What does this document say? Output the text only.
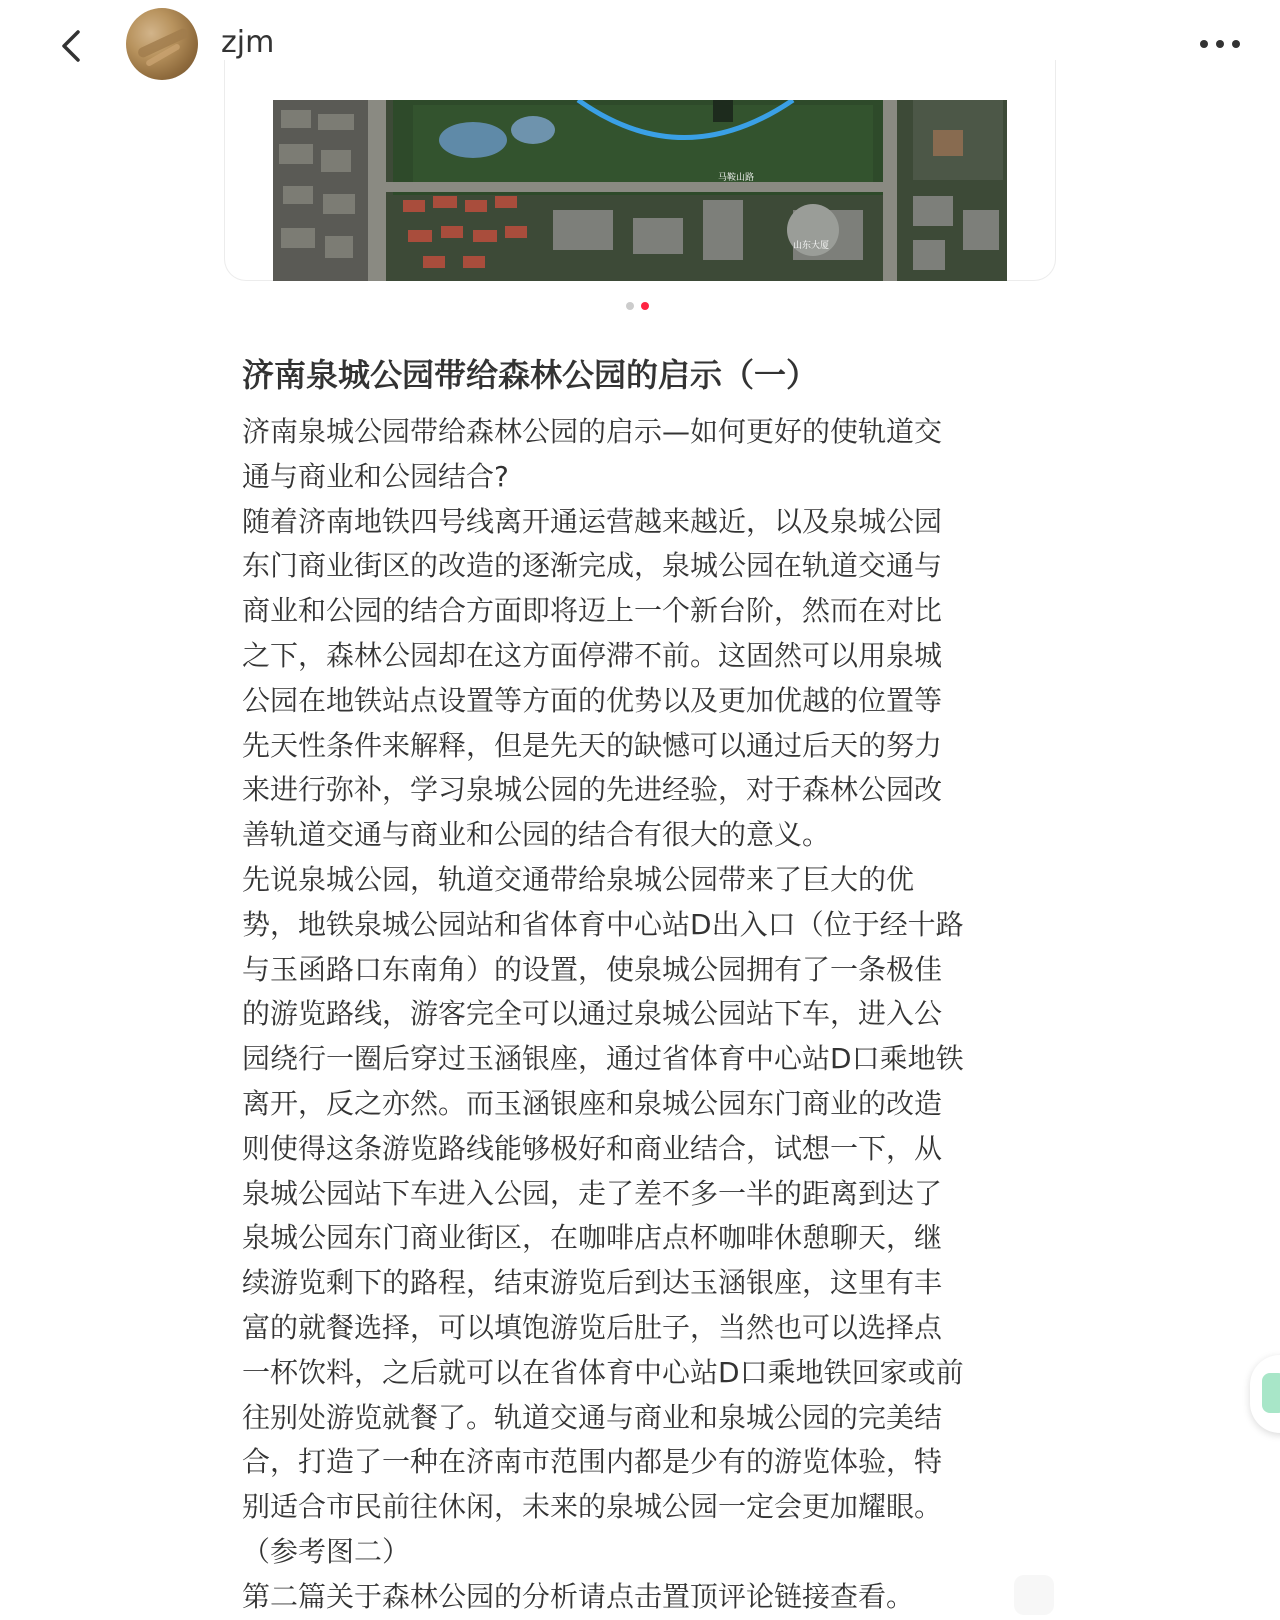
zjm
马鞍山路
山东大厦
济南泉城公园带给森林公园的启示（一）
济南泉城公园带给森林公园的启示—如何更好的使轨道交
通与商业和公园结合?
随着济南地铁四号线离开通运营越来越近，以及泉城公园
东门商业街区的改造的逐渐完成，泉城公园在轨道交通与
商业和公园的结合方面即将迈上一个新台阶，然而在对比
之下，森林公园却在这方面停滞不前。这固然可以用泉城
公园在地铁站点设置等方面的优势以及更加优越的位置等
先天性条件来解释，但是先天的缺憾可以通过后天的努力
来进行弥补，学习泉城公园的先进经验，对于森林公园改
善轨道交通与商业和公园的结合有很大的意义。
先说泉城公园，轨道交通带给泉城公园带来了巨大的优
势，地铁泉城公园站和省体育中心站D出入口（位于经十路
与玉函路口东南角）的设置，使泉城公园拥有了一条极佳
的游览路线，游客完全可以通过泉城公园站下车，进入公
园绕行一圈后穿过玉涵银座，通过省体育中心站D口乘地铁
离开，反之亦然。而玉涵银座和泉城公园东门商业的改造
则使得这条游览路线能够极好和商业结合，试想一下，从
泉城公园站下车进入公园，走了差不多一半的距离到达了
泉城公园东门商业街区，在咖啡店点杯咖啡休憩聊天，继
续游览剩下的路程，结束游览后到达玉涵银座，这里有丰
富的就餐选择，可以填饱游览后肚子，当然也可以选择点
一杯饮料，之后就可以在省体育中心站D口乘地铁回家或前
往别处游览就餐了。轨道交通与商业和泉城公园的完美结
合，打造了一种在济南市范围内都是少有的游览体验，特
别适合市民前往休闲，未来的泉城公园一定会更加耀眼。
（参考图二）
第二篇关于森林公园的分析请点击置顶评论链接查看。
